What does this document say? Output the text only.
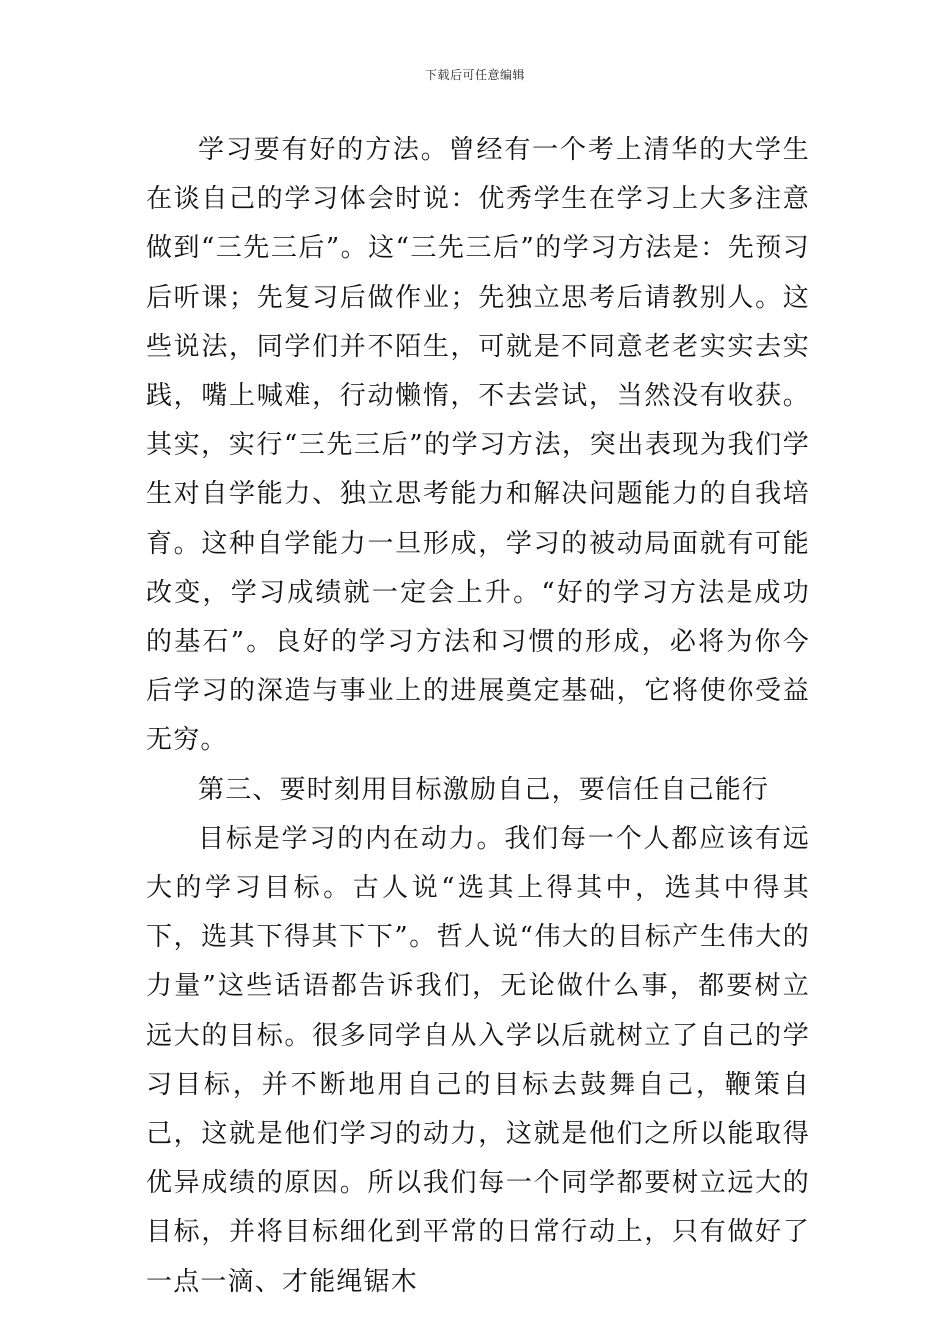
下载后可任意编辑

学习要有好的方法。曾经有一个考上清华的大学生在谈自己的学习体会时说：优秀学生在学习上大多注意做到“三先三后”。这“三先三后”的学习方法是：先预习后听课；先复习后做作业；先独立思考后请教别人。这些说法，同学们并不陌生，可就是不同意老老实实去实践，嘴上喊难，行动懒惰，不去尝试，当然没有收获。其实，实行“三先三后”的学习方法，突出表现为我们学生对自学能力、独立思考能力和解决问题能力的自我培育。这种自学能力一旦形成，学习的被动局面就有可能改变，学习成绩就一定会上升。“好的学习方法是成功的基石”。良好的学习方法和习惯的形成，必将为你今后学习的深造与事业上的进展奠定基础，它将使你受益无穷。

第三、要时刻用目标激励自己，要信任自己能行

目标是学习的内在动力。我们每一个人都应该有远大的学习目标。古人说“选其上得其中，选其中得其下，选其下得其下下”。哲人说“伟大的目标产生伟大的力量”这些话语都告诉我们，无论做什么事，都要树立远大的目标。很多同学自从入学以后就树立了自己的学习目标，并不断地用自己的目标去鼓舞自己，鞭策自己，这就是他们学习的动力，这就是他们之所以能取得优异成绩的原因。所以我们每一个同学都要树立远大的目标，并将目标细化到平常的日常行动上，只有做好了一点一滴、才能绳锯木
